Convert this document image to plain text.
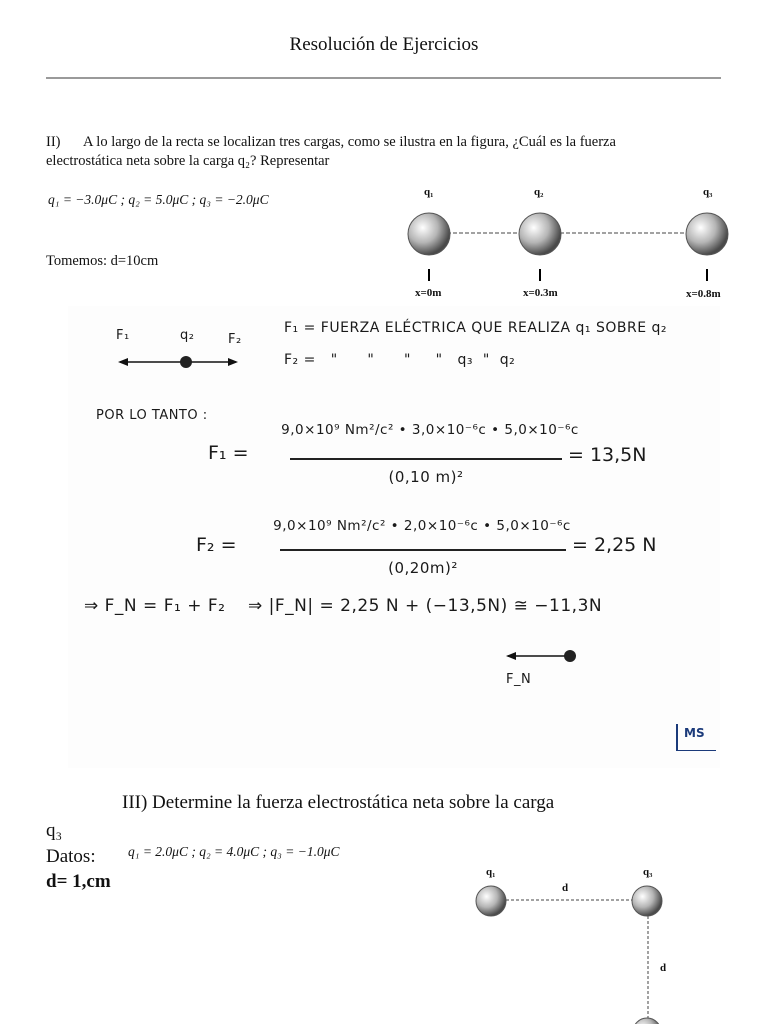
Resolución de Ejercicios
II) A lo largo de la recta se localizan tres cargas, como se ilustra en la figura, ¿Cuál es la fuerza
electrostática neta sobre la carga q₂? Representar
q₁ = −3.0μC ; q₂ = 5.0μC ; q₃ = −2.0μC
Tomemos: d=10cm
q₁	q₂	q₃
x=0m	x=0.3m	x=0.8m
F₁	q₂	F₂
F₁ = FUERZA ELÉCTRICA QUE REALIZA q₁ SOBRE q₂
F₂ =   "      "      "     "   q₃  "  q₂
POR LO TANTO :
F₁ =
9,0×10⁹ Nm²/c² • 3,0×10⁻⁶c • 5,0×10⁻⁶c
(0,10 m)²
= 13,5N
F₂ =
9,0×10⁹ Nm²/c² • 2,0×10⁻⁶c • 5,0×10⁻⁶c
(0,20m)²
= 2,25 N
⇒ F_N = F₁ + F₂ ⇒ |F_N| = 2,25 N + (−13,5N) ≅ −11,3N
F_N
MS
III) Determine la fuerza electrostática neta sobre la carga
q₃
Datos: q₁ = 2.0μC ; q₂ = 4.0μC ; q₃ = −1.0μC
d= 1,cm	q₁	q₃
d
d
